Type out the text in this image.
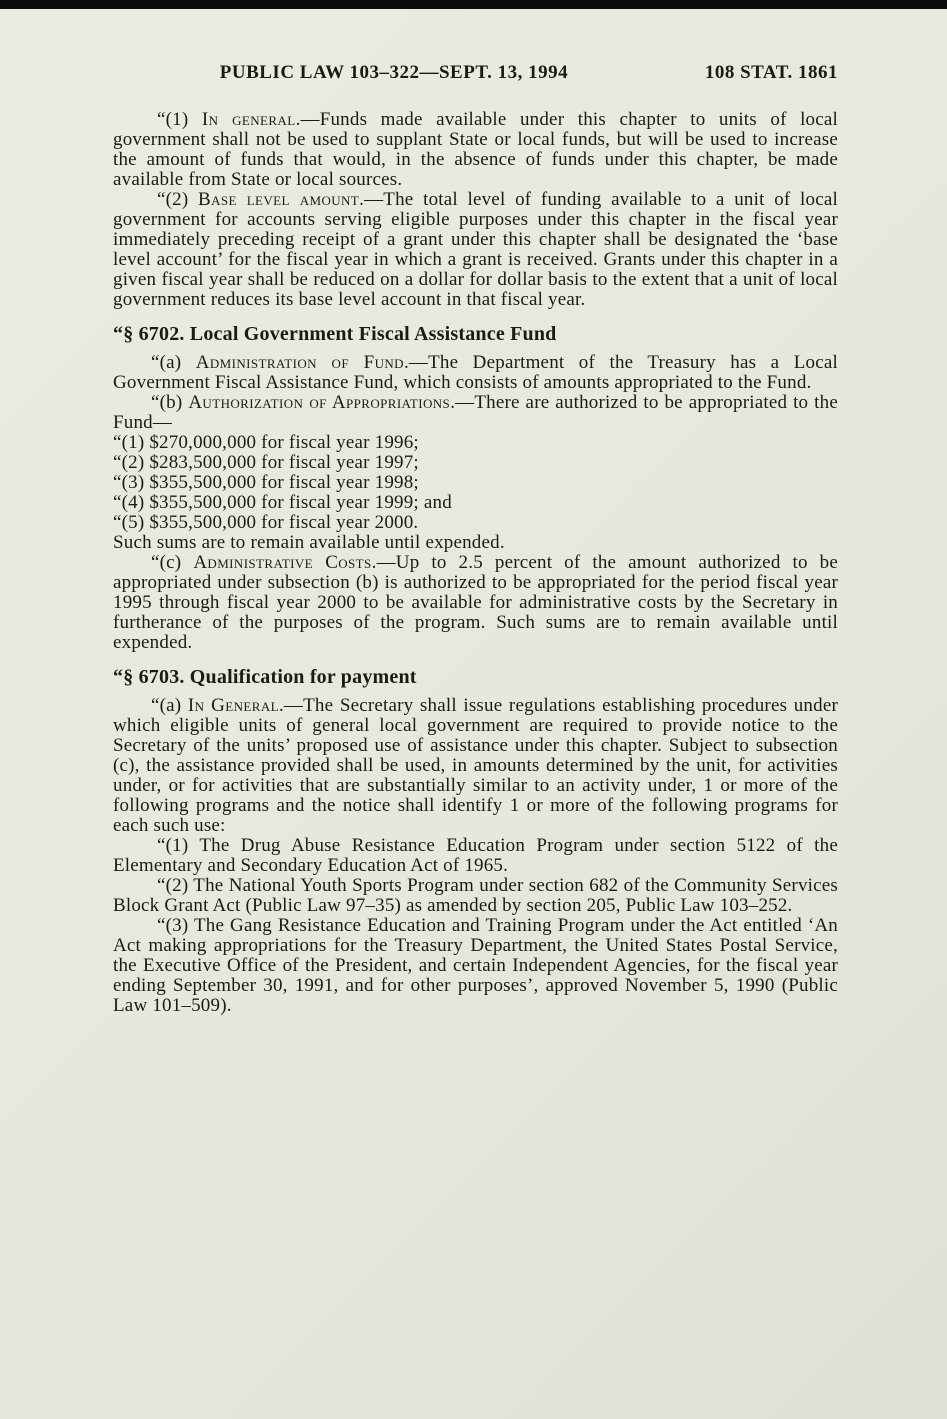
PUBLIC LAW 103–322—SEPT. 13, 1994	108 STAT. 1861

“(1) In general.—Funds made available under this chapter to units of local government shall not be used to supplant State or local funds, but will be used to increase the amount of funds that would, in the absence of funds under this chapter, be made available from State or local sources.

“(2) Base level amount.—The total level of funding available to a unit of local government for accounts serving eligible purposes under this chapter in the fiscal year immediately preceding receipt of a grant under this chapter shall be designated the ‘base level account’ for the fiscal year in which a grant is received. Grants under this chapter in a given fiscal year shall be reduced on a dollar for dollar basis to the extent that a unit of local government reduces its base level account in that fiscal year.

“§ 6702. Local Government Fiscal Assistance Fund

“(a) Administration of Fund.—The Department of the Treasury has a Local Government Fiscal Assistance Fund, which consists of amounts appropriated to the Fund.

“(b) Authorization of Appropriations.—There are authorized to be appropriated to the Fund—

“(1) $270,000,000 for fiscal year 1996;

“(2) $283,500,000 for fiscal year 1997;

“(3) $355,500,000 for fiscal year 1998;

“(4) $355,500,000 for fiscal year 1999; and

“(5) $355,500,000 for fiscal year 2000.

Such sums are to remain available until expended.

“(c) Administrative Costs.—Up to 2.5 percent of the amount authorized to be appropriated under subsection (b) is authorized to be appropriated for the period fiscal year 1995 through fiscal year 2000 to be available for administrative costs by the Secretary in furtherance of the purposes of the program. Such sums are to remain available until expended.

“§ 6703. Qualification for payment

“(a) In General.—The Secretary shall issue regulations establishing procedures under which eligible units of general local government are required to provide notice to the Secretary of the units’ proposed use of assistance under this chapter. Subject to subsection (c), the assistance provided shall be used, in amounts determined by the unit, for activities under, or for activities that are substantially similar to an activity under, 1 or more of the following programs and the notice shall identify 1 or more of the following programs for each such use:

“(1) The Drug Abuse Resistance Education Program under section 5122 of the Elementary and Secondary Education Act of 1965.

“(2) The National Youth Sports Program under section 682 of the Community Services Block Grant Act (Public Law 97–35) as amended by section 205, Public Law 103–252.

“(3) The Gang Resistance Education and Training Program under the Act entitled ‘An Act making appropriations for the Treasury Department, the United States Postal Service, the Executive Office of the President, and certain Independent Agencies, for the fiscal year ending September 30, 1991, and for other purposes’, approved November 5, 1990 (Public Law 101–509).
